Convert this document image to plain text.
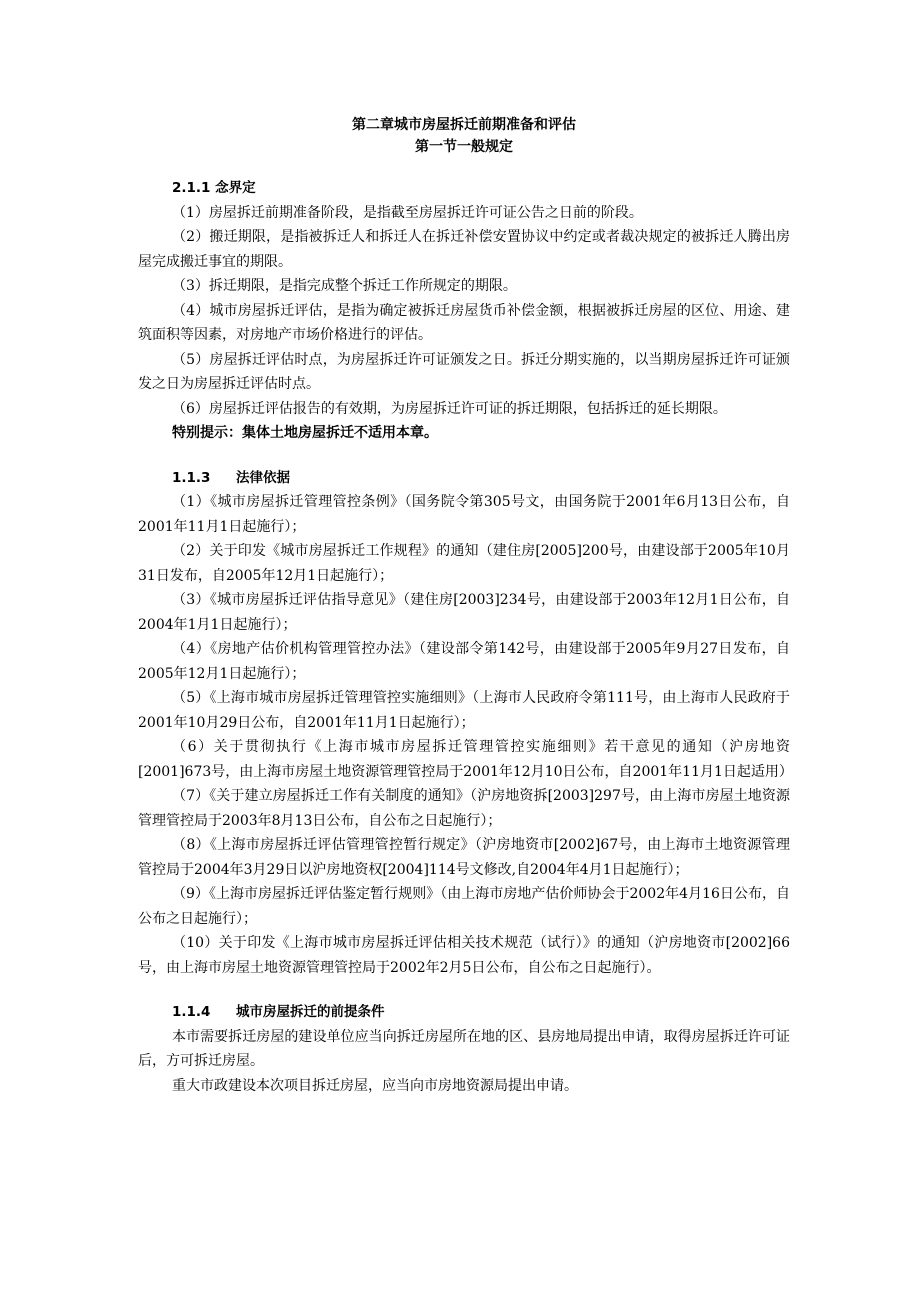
第二章城市房屋拆迁前期准备和评估
第一节一般规定
2.1.1 念界定
（1）房屋拆迁前期准备阶段，是指截至房屋拆迁许可证公告之日前的阶段。
（2）搬迁期限，是指被拆迁人和拆迁人在拆迁补偿安置协议中约定或者裁决规定的被拆迁人腾出房屋完成搬迁事宜的期限。
（3）拆迁期限，是指完成整个拆迁工作所规定的期限。
（4）城市房屋拆迁评估，是指为确定被拆迁房屋货币补偿金额，根据被拆迁房屋的区位、用途、建筑面积等因素，对房地产市场价格进行的评估。
（5）房屋拆迁评估时点，为房屋拆迁许可证颁发之日。拆迁分期实施的，以当期房屋拆迁许可证颁发之日为房屋拆迁评估时点。
（6）房屋拆迁评估报告的有效期，为房屋拆迁许可证的拆迁期限，包括拆迁的延长期限。
特别提示：集体土地房屋拆迁不适用本章。
1.1.3 法律依据
（1）《城市房屋拆迁管理管控条例》（国务院令第305号文，由国务院于2001年6月13日公布，自2001年11月1日起施行）；
（2）关于印发《城市房屋拆迁工作规程》的通知（建住房[2005]200号，由建设部于2005年10月31日发布，自2005年12月1日起施行）；
（3）《城市房屋拆迁评估指导意见》（建住房[2003]234号，由建设部于2003年12月1日公布，自2004年1月1日起施行）；
（4）《房地产估价机构管理管控办法》（建设部令第142号，由建设部于2005年9月27日发布，自2005年12月1日起施行）；
（5）《上海市城市房屋拆迁管理管控实施细则》（上海市人民政府令第111号，由上海市人民政府于2001年10月29日公布，自2001年11月1日起施行）；
（6）关于贯彻执行《上海市城市房屋拆迁管理管控实施细则》若干意见的通知（沪房地资[2001]673号，由上海市房屋土地资源管理管控局于2001年12月10日公布，自2001年11月1日起适用）
（7）《关于建立房屋拆迁工作有关制度的通知》（沪房地资拆[2003]297号，由上海市房屋土地资源管理管控局于2003年8月13日公布，自公布之日起施行）；
（8）《上海市房屋拆迁评估管理管控暂行规定》（沪房地资市[2002]67号，由上海市土地资源管理管控局于2004年3月29日以沪房地资权[2004]114号文修改,自2004年4月1日起施行）；
（9）《上海市房屋拆迁评估鉴定暂行规则》（由上海市房地产估价师协会于2002年4月16日公布，自公布之日起施行）；
（10）关于印发《上海市城市房屋拆迁评估相关技术规范（试行）》的通知（沪房地资市[2002]66号，由上海市房屋土地资源管理管控局于2002年2月5日公布，自公布之日起施行）。
1.1.4 城市房屋拆迁的前提条件
本市需要拆迁房屋的建设单位应当向拆迁房屋所在地的区、县房地局提出申请，取得房屋拆迁许可证后，方可拆迁房屋。
重大市政建设本次项目拆迁房屋，应当向市房地资源局提出申请。
